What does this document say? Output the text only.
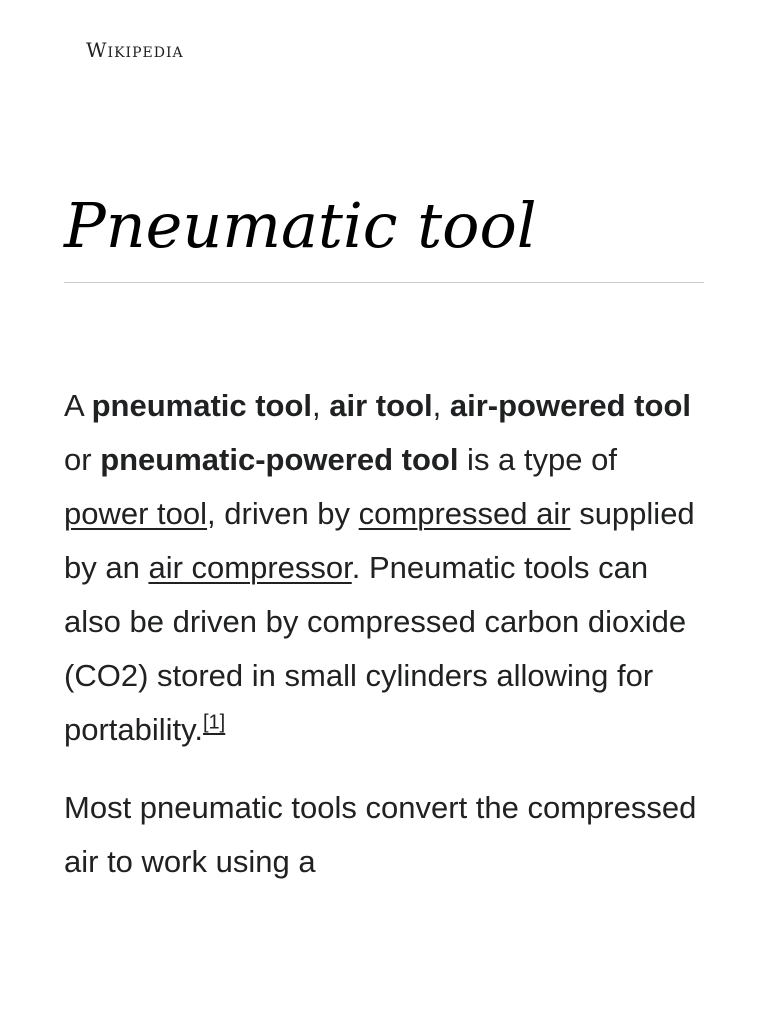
Wikipedia
Pneumatic tool

A pneumatic tool, air tool, air-powered tool or pneumatic-powered tool is a type of power tool, driven by compressed air supplied by an air compressor. Pneumatic tools can also be driven by compressed carbon dioxide (CO2) stored in small cylinders allowing for portability.[1]

Most pneumatic tools convert the compressed air to work using a
